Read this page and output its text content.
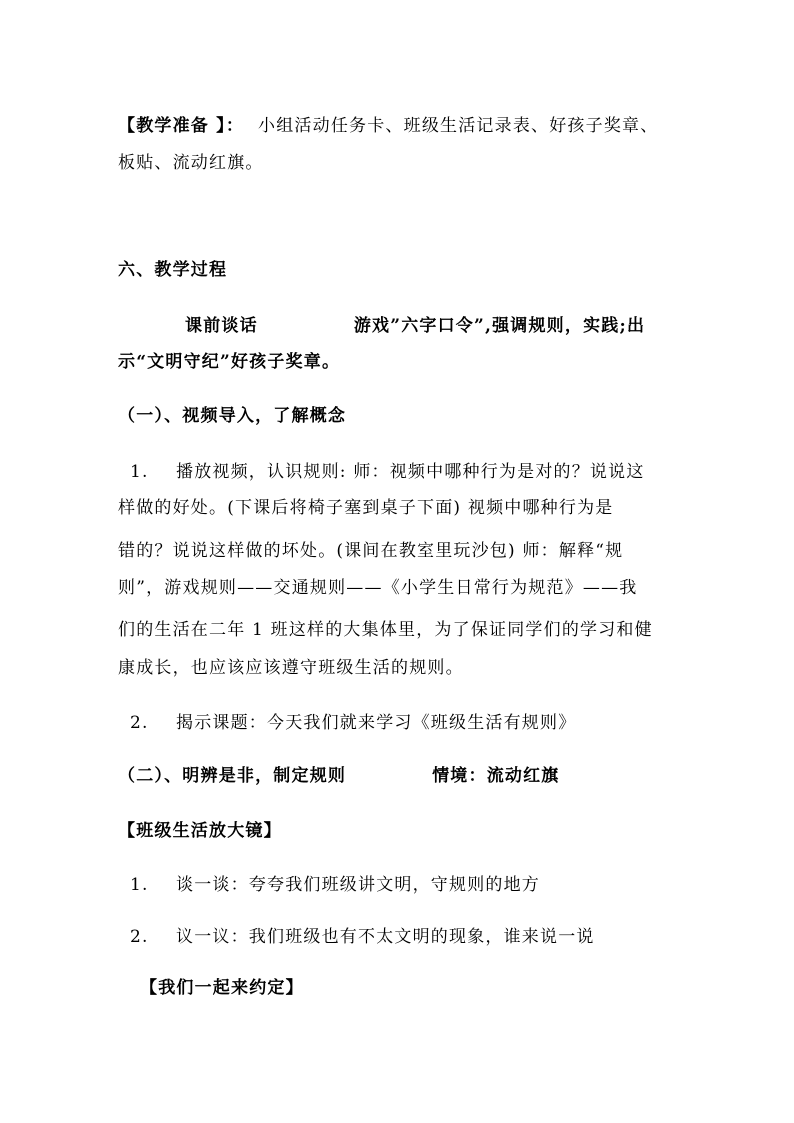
【教学准备 】： 小组活动任务卡、班级生活记录表、好孩子奖章、
板贴、流动红旗。
六、教学过程
课前谈话	游戏”六字口令”,强调规则，实践;出
示“文明守纪”好孩子奖章。
（一）、视频导入，了解概念
1. 播放视频，认识规则: 师：视频中哪种行为是对的？说说这
样做的好处。(下课后将椅子塞到桌子下面) 视频中哪种行为是
错的？说说这样做的坏处。(课间在教室里玩沙包) 师：解释“规
则”，游戏规则——交通规则——《小学生日常行为规范》——我
们的生活在二年 1 班这样的大集体里，为了保证同学们的学习和健
康成长，也应该应该遵守班级生活的规则。
2. 揭示课题：今天我们就来学习《班级生活有规则》
（二）、明辨是非，制定规则	情境：流动红旗
【班级生活放大镜】
1. 谈一谈：夸夸我们班级讲文明，守规则的地方
2. 议一议：我们班级也有不太文明的现象，谁来说一说
【我们一起来约定】
